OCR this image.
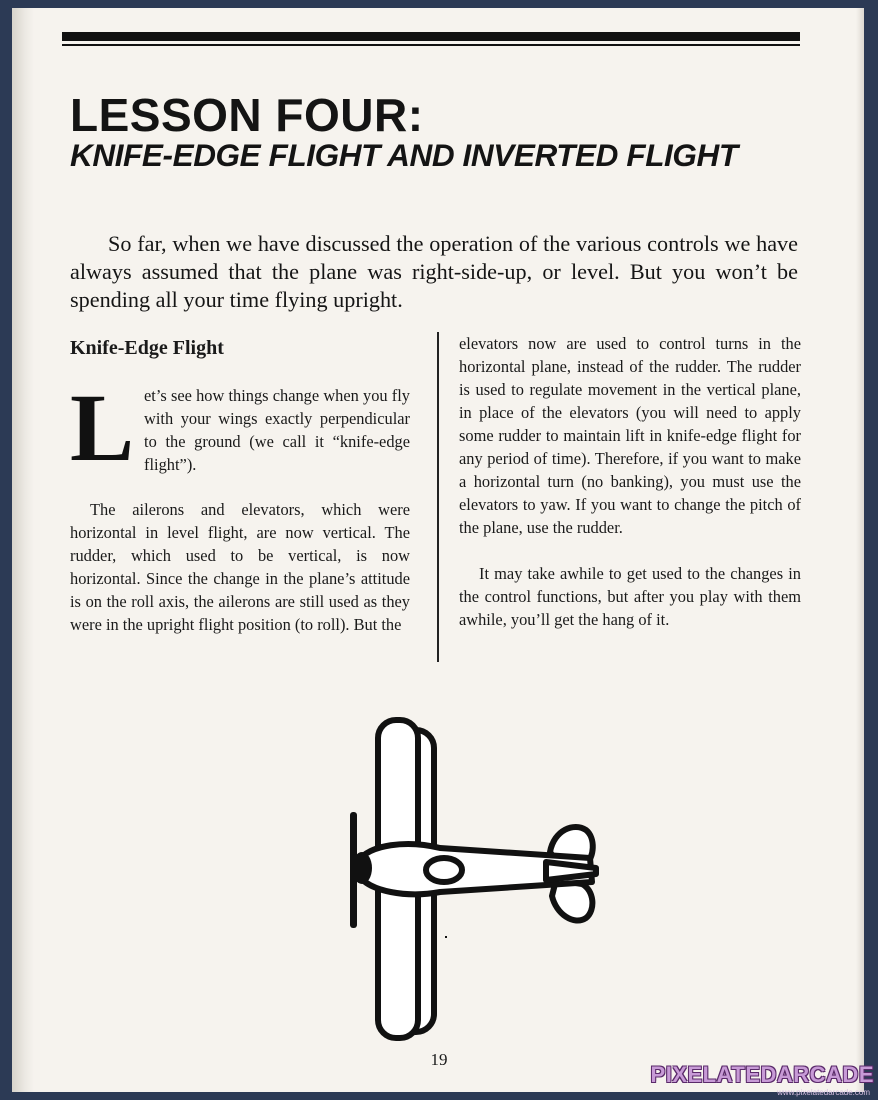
LESSON FOUR:
KNIFE-EDGE FLIGHT AND INVERTED FLIGHT

So far, when we have discussed the operation of the various controls we have always assumed that the plane was right-side-up, or level. But you won’t be spending all your time flying upright.

Knife-Edge Flight

Let’s see how things change when you fly with your wings exactly perpendicular to the ground (we call it “knife-edge flight”).

The ailerons and elevators, which were horizontal in level flight, are now vertical. The rudder, which used to be vertical, is now horizontal. Since the change in the plane’s attitude is on the roll axis, the ailerons are still used as they were in the upright flight position (to roll). But the

elevators now are used to control turns in the horizontal plane, instead of the rudder. The rudder is used to regulate movement in the vertical plane, in place of the elevators (you will need to apply some rudder to maintain lift in knife-edge flight for any period of time). Therefore, if you want to make a horizontal turn (no banking), you must use the elevators to yaw. If you want to change the pitch of the plane, use the rudder.

It may take awhile to get used to the changes in the control functions, but after you play with them awhile, you’ll get the hang of it.

19
PIXELATEDARCADE
www.pixelatedarcade.com
